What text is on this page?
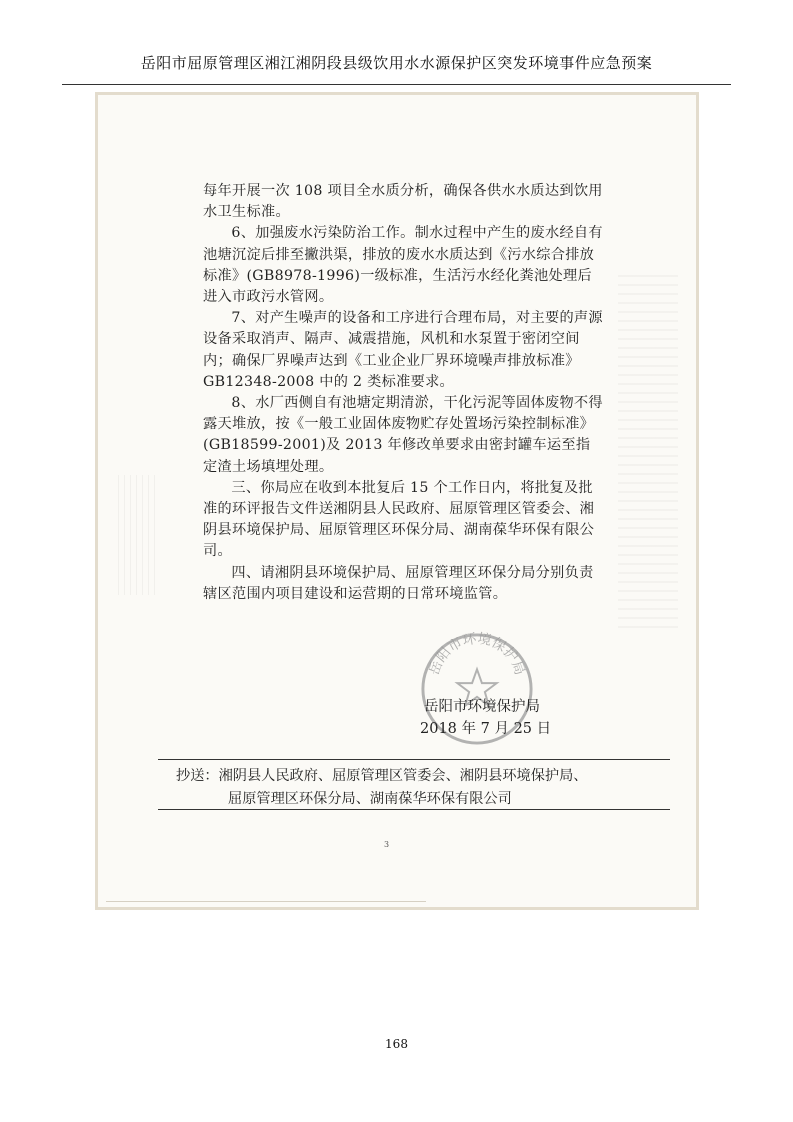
岳阳市屈原管理区湘江湘阴段县级饮用水水源保护区突发环境事件应急预案

每年开展一次 108 项目全水质分析，确保各供水水质达到饮用水卫生标准。

6、加强废水污染防治工作。制水过程中产生的废水经自有池塘沉淀后排至撇洪渠，排放的废水水质达到《污水综合排放标准》(GB8978-1996)一级标准，生活污水经化粪池处理后进入市政污水管网。

7、对产生噪声的设备和工序进行合理布局，对主要的声源设备采取消声、隔声、减震措施，风机和水泵置于密闭空间内；确保厂界噪声达到《工业企业厂界环境噪声排放标准》GB12348-2008 中的 2 类标准要求。

8、水厂西侧自有池塘定期清淤，干化污泥等固体废物不得露天堆放，按《一般工业固体废物贮存处置场污染控制标准》(GB18599-2001)及 2013 年修改单要求由密封罐车运至指定渣土场填埋处理。

三、你局应在收到本批复后 15 个工作日内，将批复及批准的环评报告文件送湘阴县人民政府、屈原管理区管委会、湘阴县环境保护局、屈原管理区环保分局、湖南葆华环保有限公司。

四、请湘阴县环境保护局、屈原管理区环保分局分别负责辖区范围内项目建设和运营期的日常环境监管。

岳阳市环境保护局
岳阳市环境保护局
2018 年 7 月 25 日
抄送：湘阴县人民政府、屈原管理区管委会、湘阴县环境保护局、
屈原管理区环保分局、湖南葆华环保有限公司
3
168
